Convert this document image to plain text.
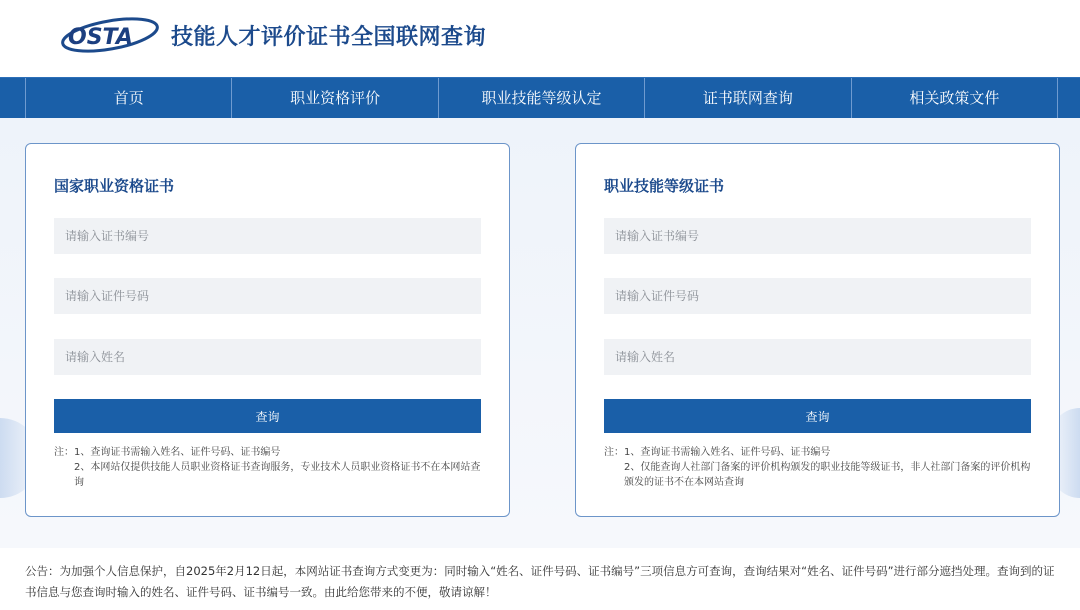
OSTA 技能人才评价证书全国联网查询
首页	职业资格评价	职业技能等级认定	证书联网查询	相关政策文件
国家职业资格证书
请输入证书编号
请输入证件号码
请输入姓名
查询
注：1、查询证书需输入姓名、证件号码、证书编号
2、本网站仅提供技能人员职业资格证书查询服务，专业技术人员职业资格证书不在本网站查询
职业技能等级证书
请输入证书编号
请输入证件号码
请输入姓名
查询
注：1、查询证书需输入姓名、证件号码、证书编号
2、仅能查询人社部门备案的评价机构颁发的职业技能等级证书，非人社部门备案的评价机构颁发的证书不在本网站查询
公告：为加强个人信息保护，自2025年2月12日起，本网站证书查询方式变更为：同时输入“姓名、证件号码、证书编号”三项信息方可查询，查询结果对“姓名、证件号码”进行部分遮挡处理。查询到的证书信息与您查询时输入的姓名、证件号码、证书编号一致。由此给您带来的不便，敬请谅解！
